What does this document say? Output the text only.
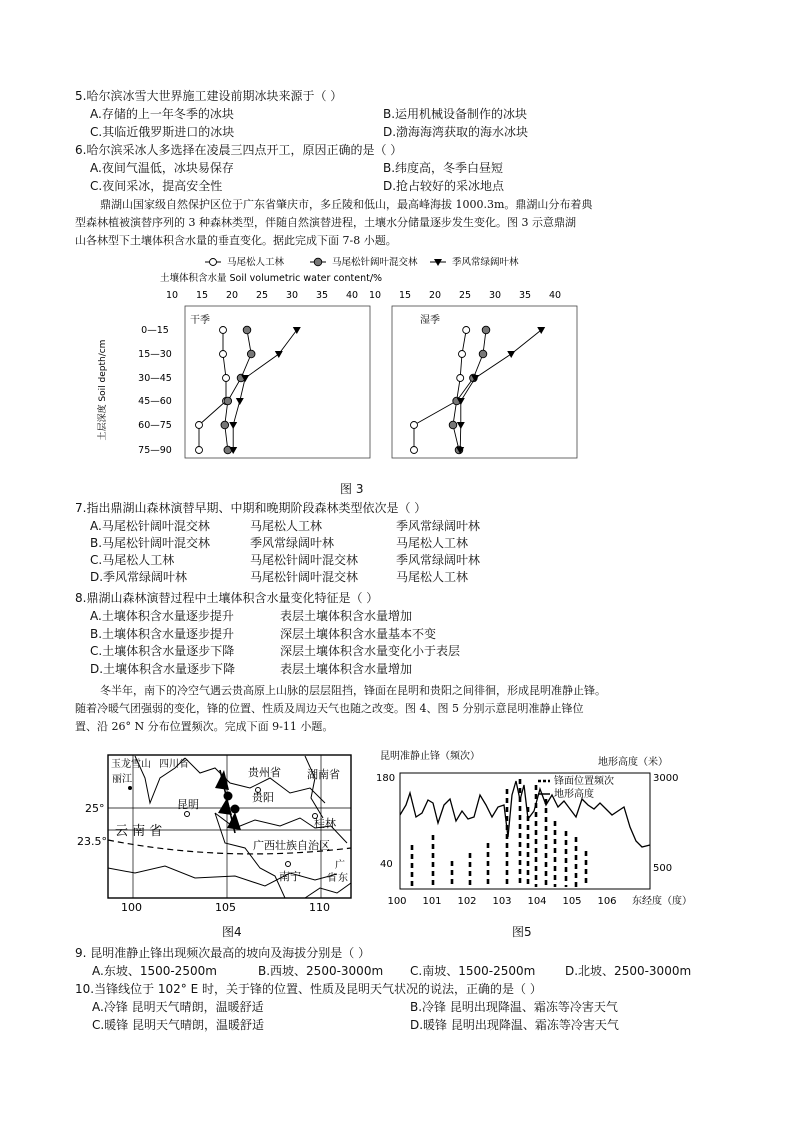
5.哈尔滨冰雪大世界施工建设前期冰块来源于（ ）
A.存储的上一年冬季的冰块	B.运用机械设备制作的冰块
C.其临近俄罗斯进口的冰块	D.渤海海湾获取的海水冰块
6.哈尔滨采冰人多选择在凌晨三四点开工，原因正确的是（ ）
A.夜间气温低，冰块易保存	B.纬度高，冬季白昼短
C.夜间采冰，提高安全性	D.抢占较好的采冰地点
鼎湖山国家级自然保护区位于广东省肇庆市，多丘陵和低山，最高峰海拔 1000.3m。鼎湖山分布着典
型森林植被演替序列的 3 种森林类型，伴随自然演替进程，土壤水分储量逐步发生变化。图 3 示意鼎湖
山各林型下土壤体积含水量的垂直变化。据此完成下面 7-8 小题。
马尾松人工林	马尾松针阔叶混交林	季风常绿阔叶林
土壤体积含水量 Soil volumetric water content/%
10 15 20 25 30 35 40 10 15 20 25 30 35 40
土层深度 Soil depth/cm
0—15
15—30
30—45
45—60
60—75
75—90
干季	湿季
图 3
7.指出鼎湖山森林演替早期、中期和晚期阶段森林类型依次是（ ）
A.马尾松针阔叶混交林	马尾松人工林	季风常绿阔叶林
B.马尾松针阔叶混交林	季风常绿阔叶林	马尾松人工林
C.马尾松人工林	马尾松针阔叶混交林	季风常绿阔叶林
D.季风常绿阔叶林	马尾松针阔叶混交林	马尾松人工林
8.鼎湖山森林演替过程中土壤体积含水量变化特征是（ ）
A.土壤体积含水量逐步提升	表层土壤体积含水量增加
B.土壤体积含水量逐步提升	深层土壤体积含水量基本不变
C.土壤体积含水量逐步下降	深层土壤体积含水量变化小于表层
D.土壤体积含水量逐步下降	表层土壤体积含水量增加
冬半年，南下的冷空气遇云贵高原上山脉的层层阻挡，锋面在昆明和贵阳之间徘徊，形成昆明准静止锋。
随着冷暖气团强弱的变化，锋的位置、性质及周边天气也随之改变。图 4、图 5 分别示意昆明准静止锋位
置、沿 26° N 分布位置频次。完成下面 9-11 小题。
玉龙雪山 四川省
贵州省 湖南省
丽江
昆明
贵阳
云 南 省
桂林
广西壮族自治区
南宁
广
省 东
25°
23.5°
100	105	110
图4
昆明准静止锋（频次）
地形高度（米）
180
40
3000
500
锋面位置频次
地形高度
100 101 102 103 104 105 106 东经度（度）
图5
9. 昆明准静止锋出现频次最高的坡向及海拔分别是（ ）
A.东坡、1500-2500m	B.西坡、2500-3000m C.南坡、1500-2500m D.北坡、2500-3000m
10.当锋线位于 102° E 时，关于锋的位置、性质及昆明天气状况的说法，正确的是（ ）
A.冷锋 昆明天气晴朗，温暖舒适	B.冷锋 昆明出现降温、霜冻等冷害天气
C.暖锋 昆明天气晴朗，温暖舒适	D.暖锋 昆明出现降温、霜冻等冷害天气
